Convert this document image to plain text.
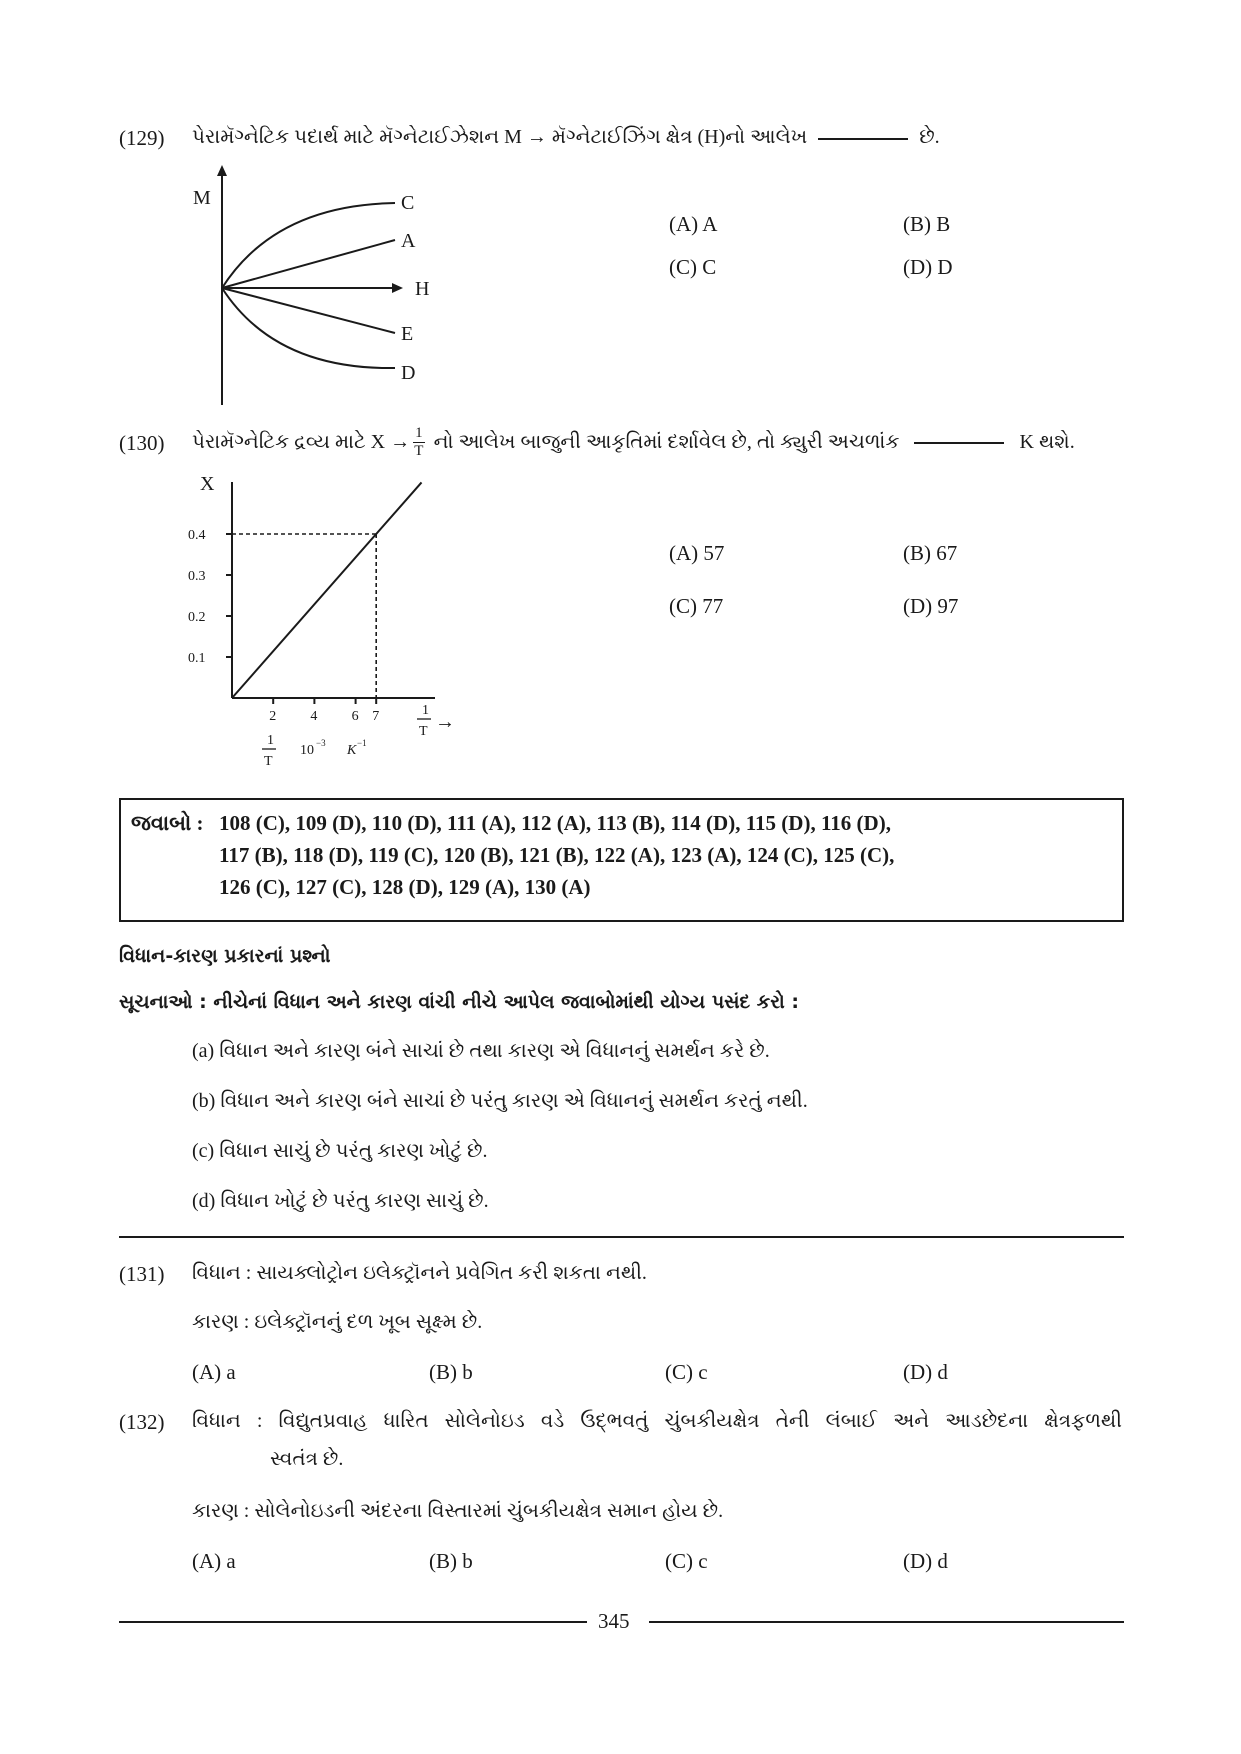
(129) પેરામૅગ્નેટિક પદાર્થ માટે મૅગ્નેટાઈઝેશન M → મૅગ્નેટાઈઝિંગ ક્ષેત્ર (H)નો આલેખ	છે.
M	C
A
H
E
D
(A) A	(B) B
(C) C	(D) D
(130) પેરામૅગ્નેટિક દ્રવ્ય માટે $X \to \frac{1}{T}$ નો આલેખ બાજુની આકૃતિમાં દર્શાવેલ છે, તો ક્યુરી અચળાંક	K થશે.
0.1
0.2
0.3
0.4
2 4 6 7
X
1
T →
1
T
10 −3 K −1
(A) 57	(B) 67
(C) 77	(D) 97
જવાબો : 108 (C), 109 (D), 110 (D), 111 (A), 112 (A), 113 (B), 114 (D), 115 (D), 116 (D),
117 (B), 118 (D), 119 (C), 120 (B), 121 (B), 122 (A), 123 (A), 124 (C), 125 (C),
126 (C), 127 (C), 128 (D), 129 (A), 130 (A)
વિધાન-કારણ પ્રકારનાં પ્રશ્નો
સૂચનાઓ : નીચેનાં વિધાન અને કારણ વાંચી નીચે આપેલ જવાબોમાંથી યોગ્ય પસંદ કરો :
(a) વિધાન અને કારણ બંને સાચાં છે તથા કારણ એ વિધાનનું સમર્થન કરે છે.
(b) વિધાન અને કારણ બંને સાચાં છે પરંતુ કારણ એ વિધાનનું સમર્થન કરતું નથી.
(c) વિધાન સાચું છે પરંતુ કારણ ખોટું છે.
(d) વિધાન ખોટું છે પરંતુ કારણ સાચું છે.
(131) વિધાન : સાયક્લોટ્રોન ઇલેક્ટ્રૉનને પ્રવેગિત કરી શકતા નથી.
કારણ : ઇલેક્ટ્રૉનનું દળ ખૂબ સૂક્ષ્મ છે.
(A) a	(B) b	(C) c	(D) d
(132) વિધાન : વિદ્યુતપ્રવાહ ધારિત સોલેનોઇડ વડે ઉદ્ભવતું ચુંબકીયક્ષેત્ર તેની લંબાઈ અને આડછેદના ક્ષેત્રફળથી
સ્વતંત્ર છે.
કારણ : સોલેનોઇડની અંદરના વિસ્તારમાં ચુંબકીયક્ષેત્ર સમાન હોય છે.
(A) a	(B) b	(C) c	(D) d
345
